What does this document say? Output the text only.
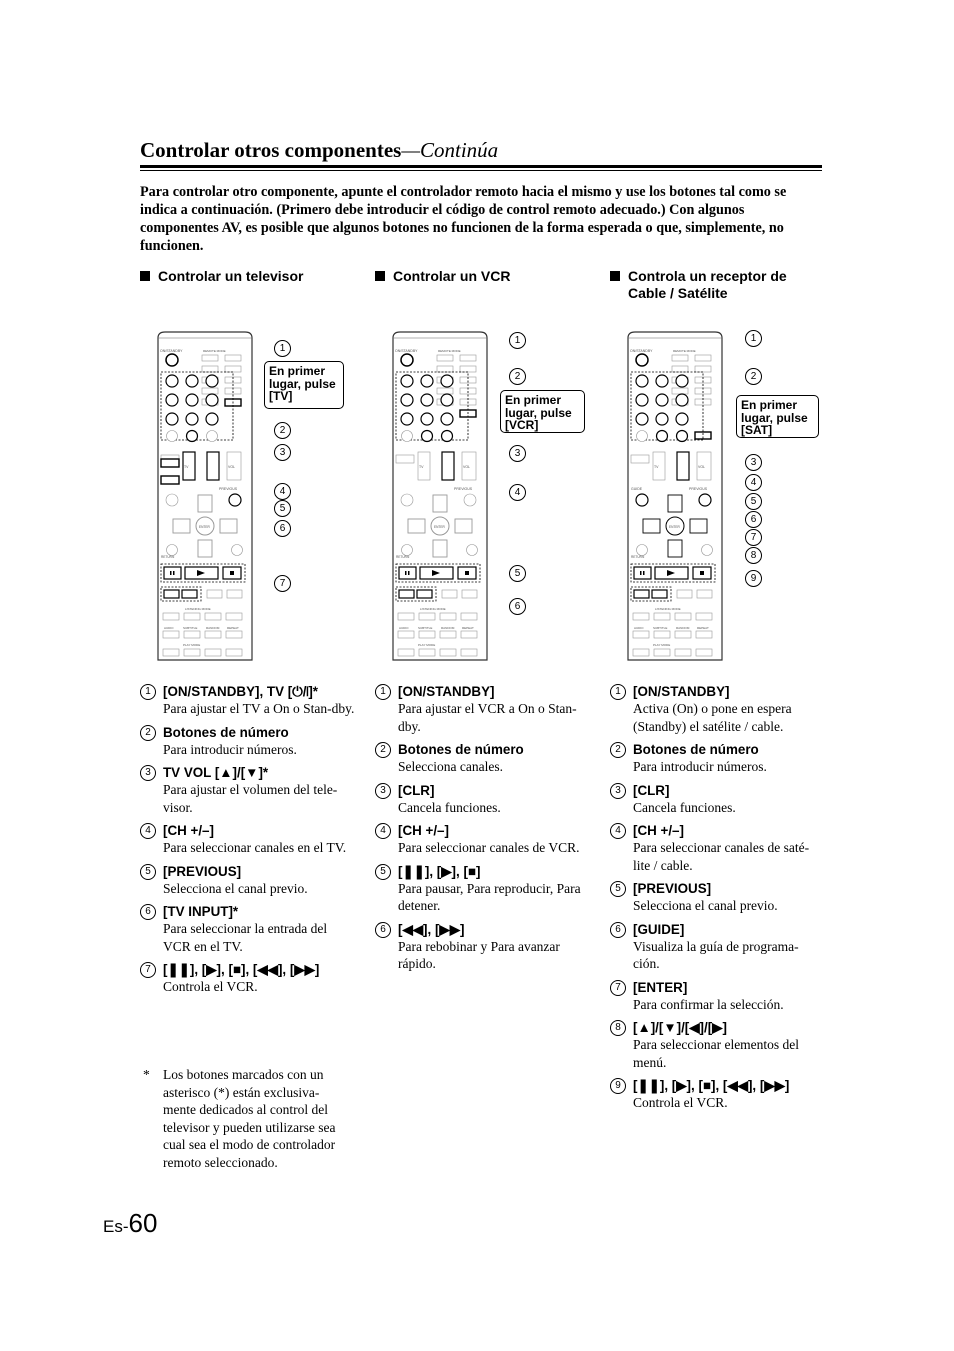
Controlar otros componentes—Continúa
Para controlar otro componente, apunte el controlador remoto hacia el mismo y use los botones tal como se indica a continuación. (Primero debe introducir el código de control remoto adecuado.) Con algunos componentes AV, es posible que algunos botones no funcionen de la forma esperada o que, simplemente, no funcionen.
Controlar un televisor	Controlar un VCR	Controla un receptor de Cable / Satélite
ON/STANDBY	REMOTE MODE
TV	VOL
PREVIOUS
ENTER
RETURN
LISTENING MODE
AUDIO	SUBTITLE	RANDOM	REPEAT
PLAY MODE
ON/STANDBY	REMOTE MODE
TV	VOL
PREVIOUS
ENTER
RETURN
LISTENING MODE
AUDIO	SUBTITLE	RANDOM	REPEAT
PLAY MODE
ON/STANDBY	REMOTE MODE
TV	VOL
GUIDE	PREVIOUS
ENTER
RETURN
LISTENING MODE
AUDIO	SUBTITLE	RANDOM	REPEAT
PLAY MODE
En primer lugar, pulse [TV]	En primer lugar, pulse [VCR]
En primer lugar, pulse [SAT]
1
2
3
4
5
6
7
1
2
3
4
5
6
1
2
3
4
5
6
7
8
9
1 [ON/STANDBY], TV [⏻/❘]*
Para ajustar el TV a On o Stan-dby.
2 Botones de número
Para introducir números.
3 TV VOL [▲]/[▼]*
Para ajustar el volumen del tele-visor.
4 [CH +/–]
Para seleccionar canales en el TV.
5 [PREVIOUS]
Selecciona el canal previo.
6 [TV INPUT]*
Para seleccionar la entrada del VCR en el TV.
7 [❚❚], [▶], [■], [◀◀], [▶▶]
Controla el VCR.
1 [ON/STANDBY]
Para ajustar el VCR a On o Stan-dby.
2 Botones de número
Selecciona canales.
3 [CLR]
Cancela funciones.
4 [CH +/–]
Para seleccionar canales de VCR.
5 [❚❚], [▶], [■]
Para pausar, Para reproducir, Para detener.
6 [◀◀], [▶▶]
Para rebobinar y Para avanzar rápido.
1 [ON/STANDBY]
Activa (On) o pone en espera (Standby) el satélite / cable.
2 Botones de número
Para introducir números.
3 [CLR]
Cancela funciones.
4 [CH +/–]
Para seleccionar canales de saté-lite / cable.
5 [PREVIOUS]
Selecciona el canal previo.
6 [GUIDE]
Visualiza la guía de programa-ción.
7 [ENTER]
Para confirmar la selección.
8 [▲]/[▼]/[◀]/[▶]
Para seleccionar elementos del menú.
9 [❚❚], [▶], [■], [◀◀], [▶▶]
Controla el VCR.
* Los botones marcados con un asterisco (*) están exclusiva-mente dedicados al control del televisor y pueden utilizarse sea cual sea el modo de controlador remoto seleccionado.
Es-60
